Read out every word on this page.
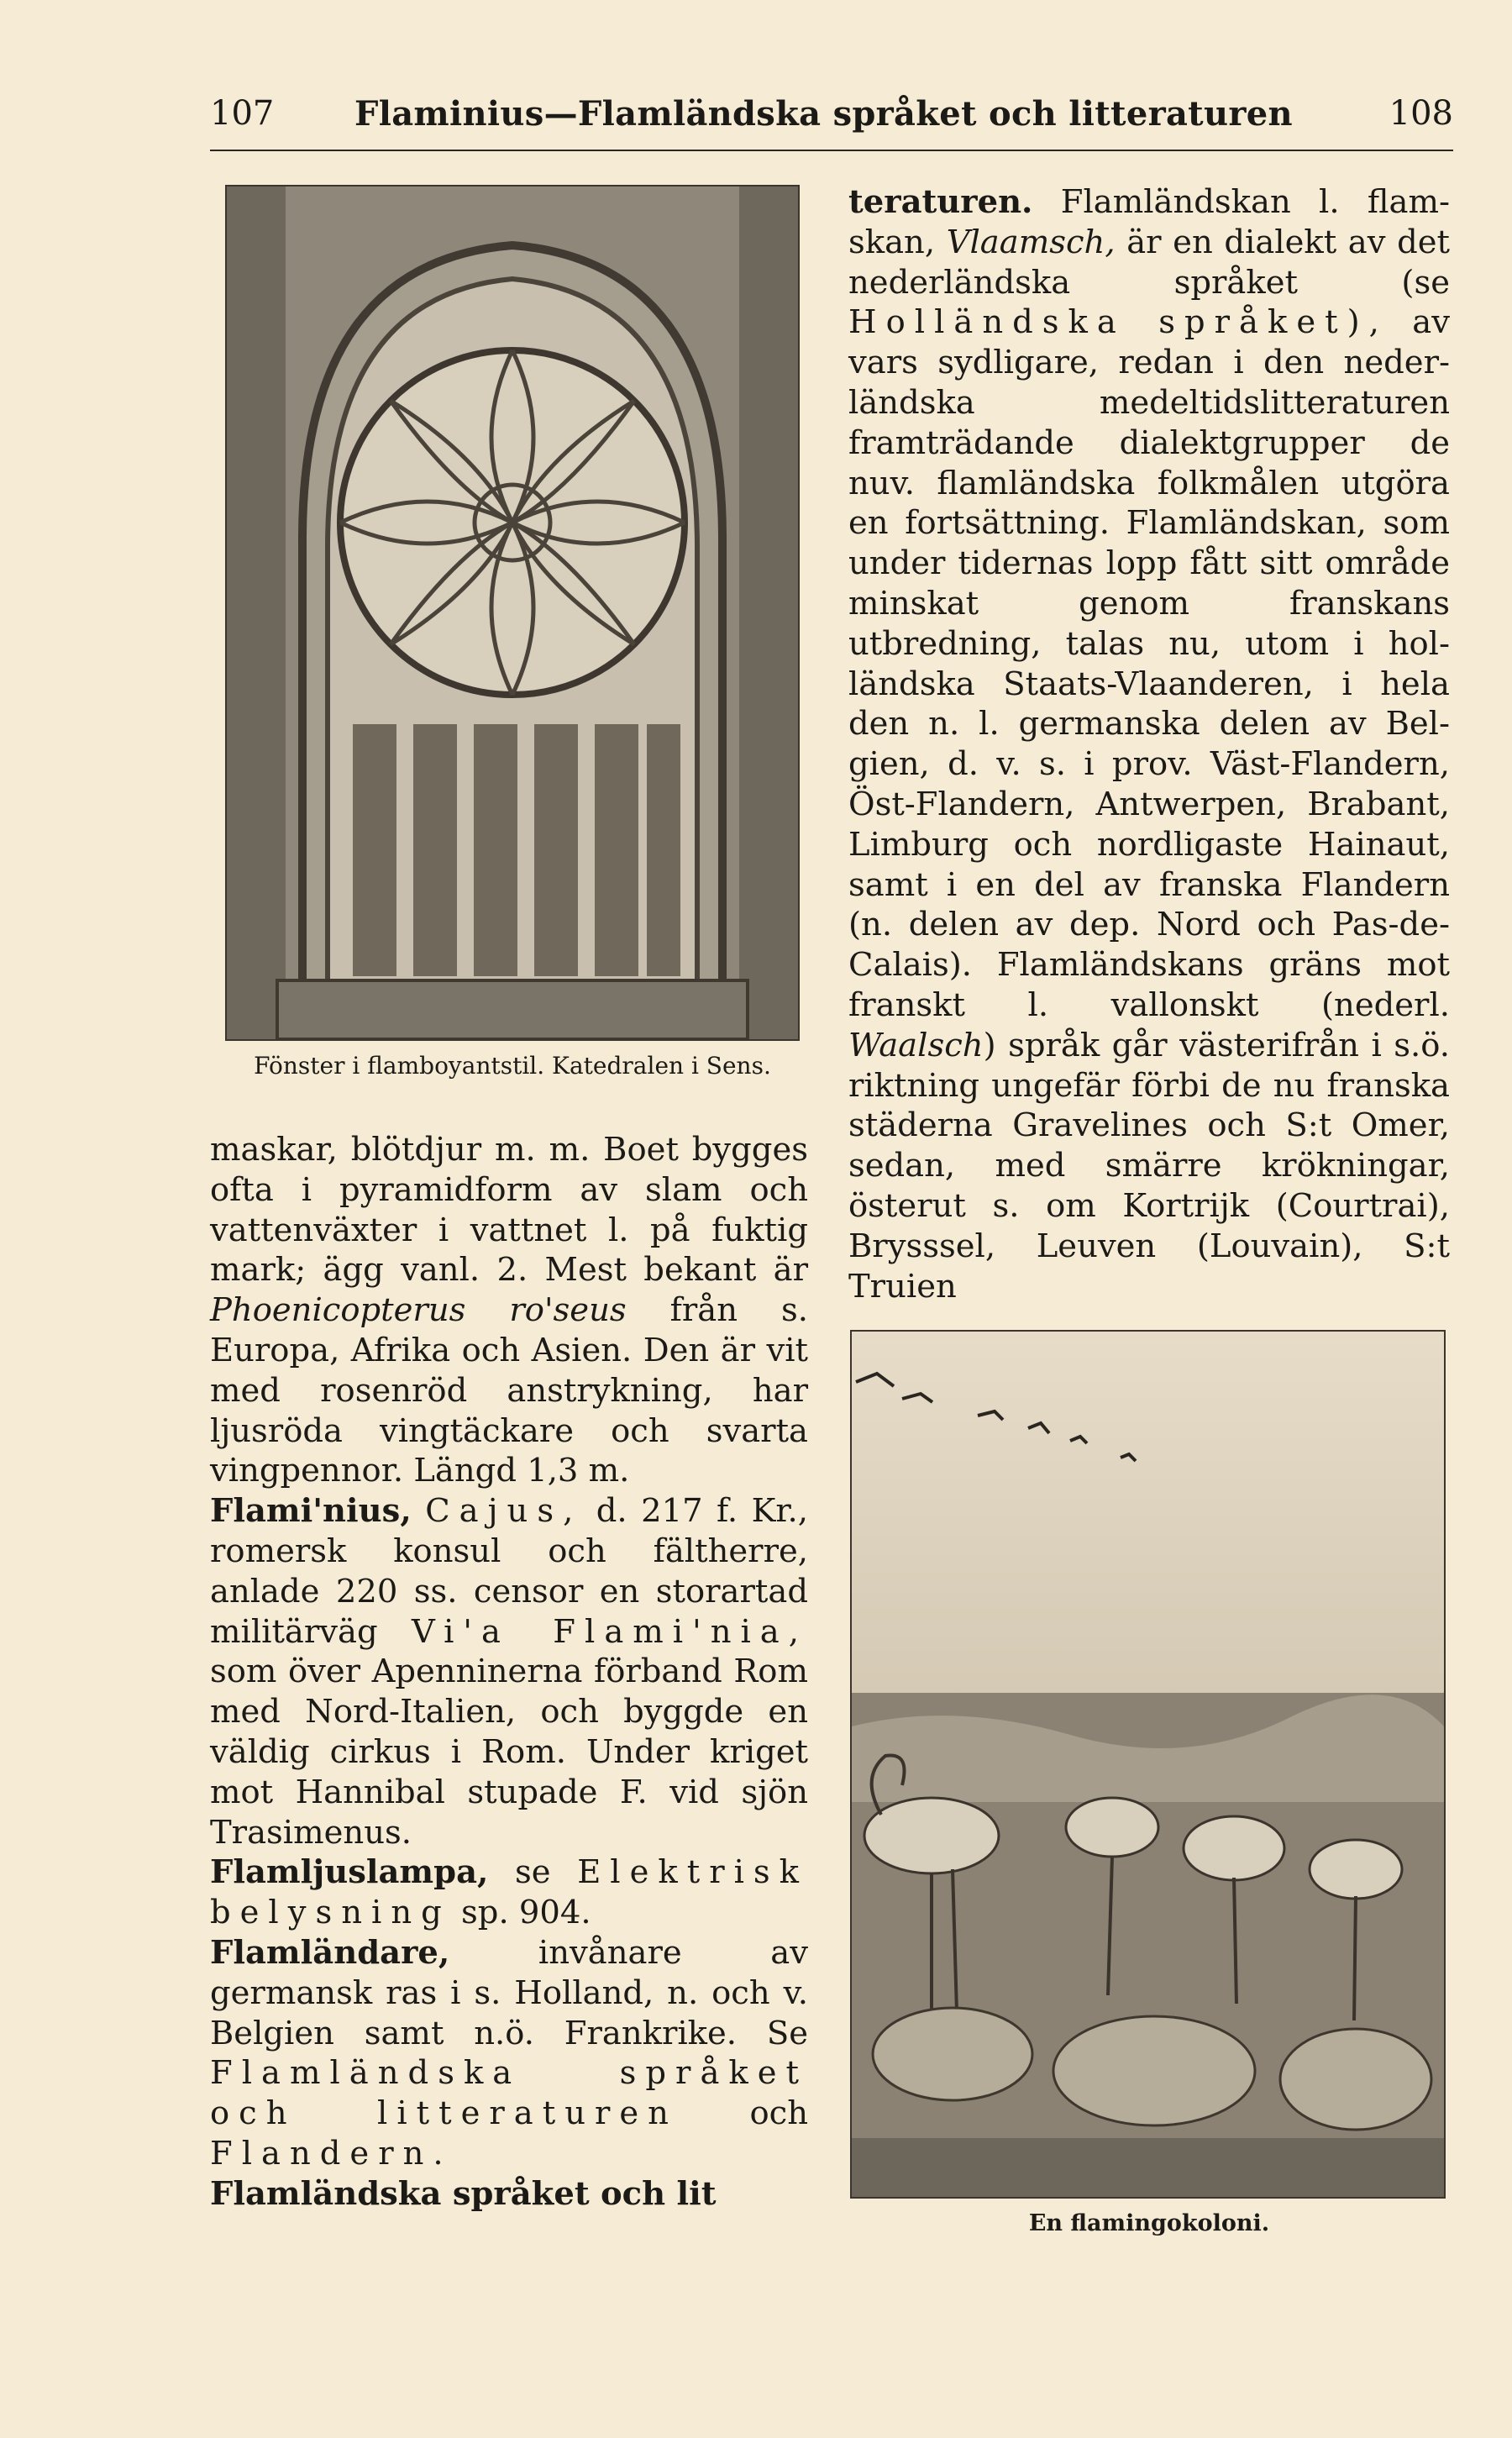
107 Flaminius—Flamländska språket och litteraturen	108
Fönster i flamboyantstil. Katedralen i Sens.

maskar, blötdjur m. m. Boet bygges ofta i pyramidform av slam och vattenväxter i vattnet l. på fuktig mark; ägg vanl. 2. Mest bekant är Phoenicopterus ro'seus från s. Europa, Afrika och Asien. Den är vit med rosenröd anstrykning, har ljusröda vingtäckare och svarta vingpennor. Längd 1,3 m.

Flami'nius, Cajus, d. 217 f. Kr., romersk konsul och fältherre, anlade 220 ss. censor en storartad militärväg Vi'a Flami'nia, som över Apenninerna förband Rom med Nord-Italien, och byggde en väldig cirkus i Rom. Under kriget mot Hannibal stupade F. vid sjön Trasimenus.

Flamljuslampa, se Elektrisk belysning sp. 904.

Flamländare, invånare av germansk ras i s. Holland, n. och v. Belgien samt n.ö. Frankrike. Se Flamländska språket och litteraturen och Flandern.

Flamländska språket och lit

teraturen. Flamländskan l. flamskan, Vlaamsch, är en dialekt av det nederländska språket (se Holländska språket), av vars sydligare, redan i den nederländska medeltidslitteraturen framträdande dialektgrupper de nuv. flamländska folkmålen utgöra en fortsättning. Flamländskan, som under tidernas lopp fått sitt område minskat genom franskans utbredning, talas nu, utom i holländska Staats-Vlaanderen, i hela den n. l. germanska delen av Belgien, d. v. s. i prov. Väst-Flandern, Öst-Flandern, Antwerpen, Brabant, Limburg och nordligaste Hainaut, samt i en del av franska Flandern (n. delen av dep. Nord och Pas-de-Calais). Flamländskans gräns mot franskt l. vallonskt (nederl. Waalsch) språk går västerifrån i s.ö. riktning ungefär förbi de nu franska städerna Gravelines och S:t Omer, sedan, med smärre krökningar, österut s. om Kortrijk (Courtrai), Brysssel, Leuven (Louvain), S:t Truien

En flamingokoloni.
